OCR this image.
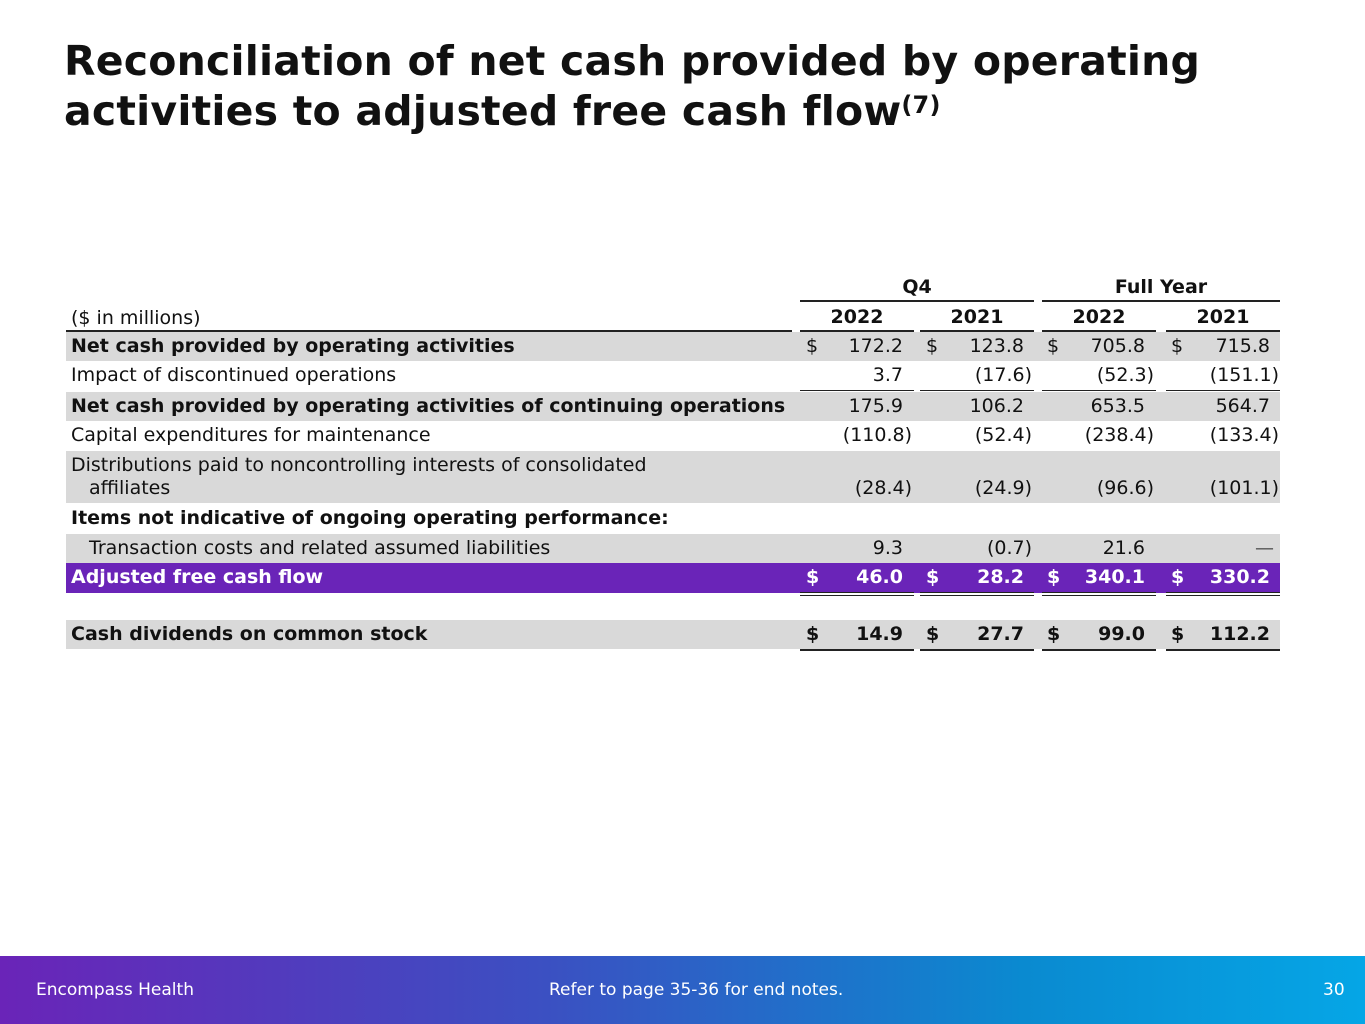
Reconciliation of net cash provided by operating
activities to adjusted free cash flow$^{(7)}$
Q4	Full Year
($ in millions)	2022	2021	2022	2021
Net cash provided by operating activities	$	172.2 $	123.8 $	705.8 $	715.8
Impact of discontinued operations	3.7	(17.6)	(52.3)	(151.1)
Net cash provided by operating activities of continuing operations	175.9	106.2	653.5	564.7
Capital expenditures for maintenance	(110.8)	(52.4)	(238.4)	(133.4)
Distributions paid to noncontrolling interests of consolidated
affiliates	(28.4)	(24.9)	(96.6)	(101.1)
Items not indicative of ongoing operating performance:
Transaction costs and related assumed liabilities	9.3	(0.7)	21.6	—
Adjusted free cash flow	$	46.0 $	28.2 $	340.1 $	330.2
Cash dividends on common stock	$	14.9 $	27.7 $	99.0 $	112.2
Encompass Health	Refer to page 35-36 for end notes.	30
